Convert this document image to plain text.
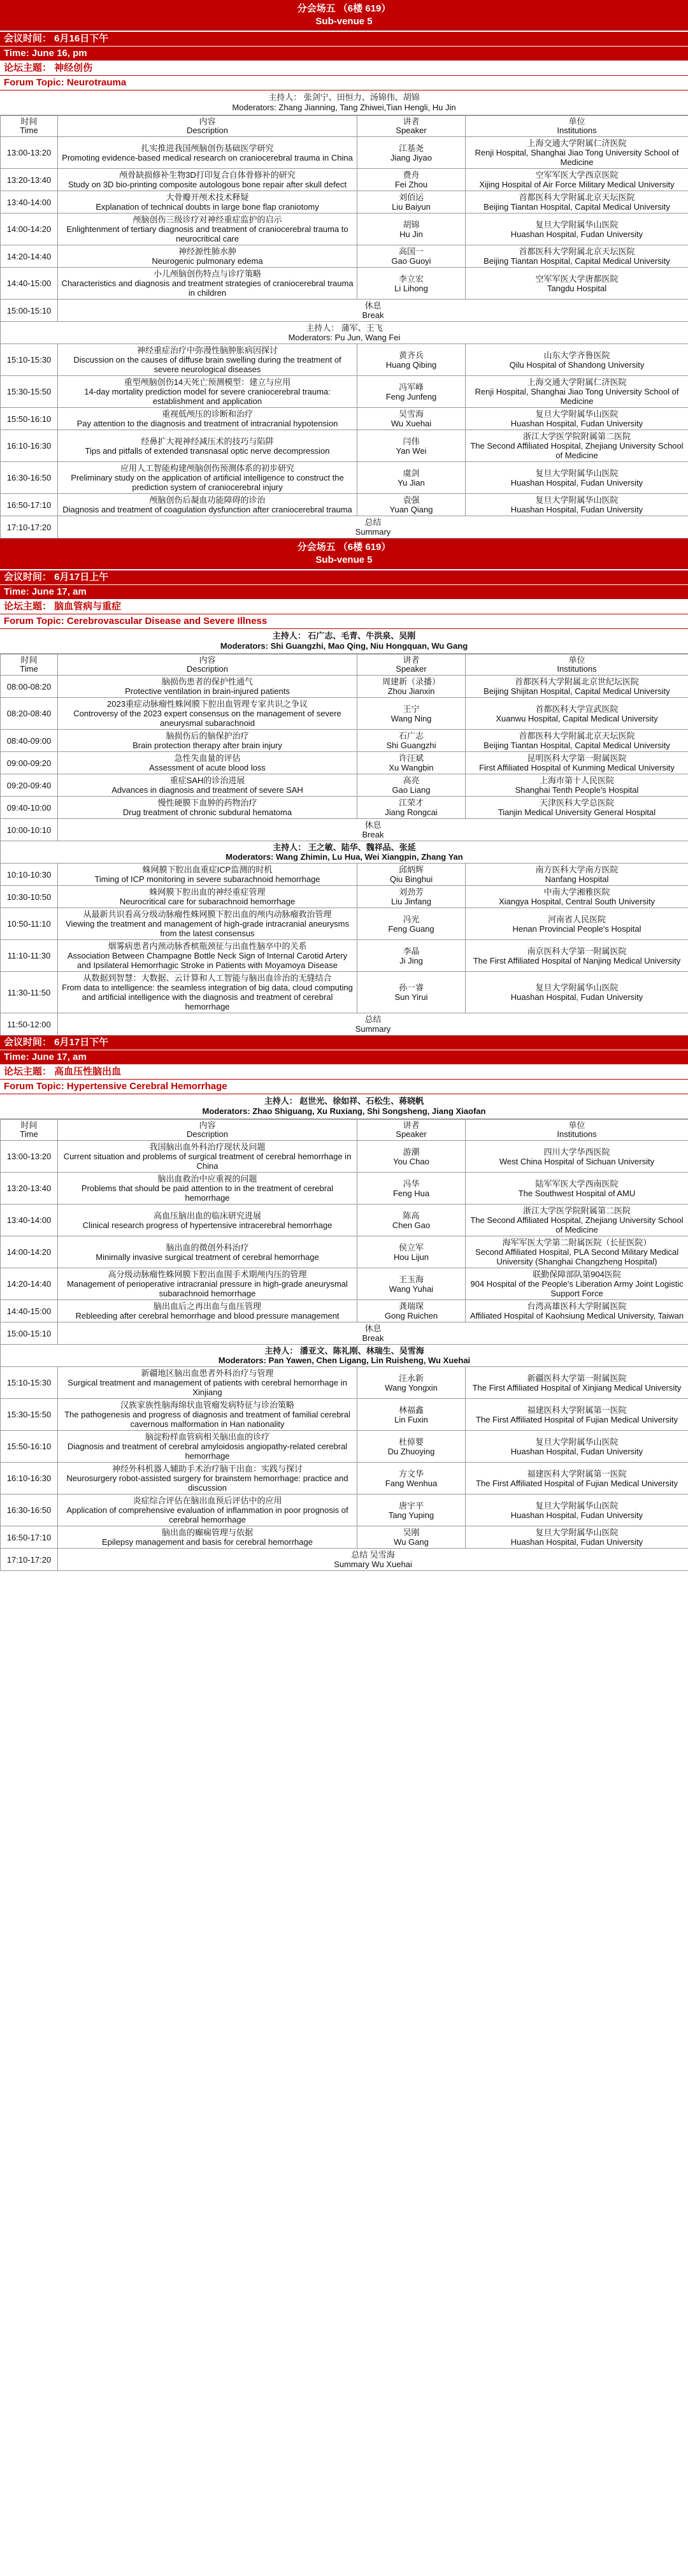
分会场五 （6楼 619）
Sub-venue 5
会议时间： 6月16日下午
Time: June 16, pm
论坛主题： 神经创伤
Forum Topic: Neurotrauma
主持人： 张剑宁、田恒力、汤锦伟、胡锦
Moderators: Zhang Jianning, Tang Zhiwei,Tian Hengli, Hu Jin
时间
Time	内容
Description	讲者
Speaker	单位
Institutions

13:00-13:20	扎实推进我国颅脑创伤基础医学研究
Promoting evidence-based medical research on craniocerebral trauma in China	江基尧
Jiang Jiyao	上海交通大学附属仁济医院
Renji Hospital, Shanghai Jiao Tong University School of Medicine

13:20-13:40	颅骨缺损修补生物3D打印复合自体骨修补的研究
Study on 3D bio-printing composite autologous bone repair after skull defect	费舟
Fei Zhou	空军军医大学西京医院
Xijing Hospital of Air Force Military Medical University

13:40-14:00	大骨瓣开颅术技术释疑
Explanation of technical doubts in large bone flap craniotomy	刘佰运
Liu Baiyun	首都医科大学附属北京天坛医院
Beijing Tiantan Hospital, Capital Medical University

14:00-14:20	颅脑创伤三级诊疗对神经重症监护的启示
Enlightenment of tertiary diagnosis and treatment of craniocerebral trauma to neurocritical care	胡锦
Hu Jin	复旦大学附属华山医院
Huashan Hospital, Fudan University

14:20-14:40	神经源性肺水肿
Neurogenic pulmonary edema	高国一
Gao Guoyi	首都医科大学附属北京天坛医院
Beijing Tiantan Hospital, Capital Medical University

14:40-15:00	小儿颅脑创伤特点与诊疗策略
Characteristics and diagnosis and treatment strategies of craniocerebral trauma in children	李立宏
Li Lihong	空军军医大学唐都医院
Tangdu Hospital

15:00-15:10	休息
Break		

主持人： 蒲军、王飞
Moderators: Pu Jun, Wang Fei			

15:10-15:30	神经重症治疗中弥漫性脑肿胀病因探讨
Discussion on the causes of diffuse brain swelling during the treatment of severe neurological diseases	黄齐兵
Huang Qibing	山东大学齐鲁医院
Qilu Hospital of Shandong University

15:30-15:50	重型颅脑创伤14天死亡预测模型：建立与应用
14-day mortality prediction model for severe craniocerebral trauma: establishment and application	冯军峰
Feng Junfeng	上海交通大学附属仁济医院
Renji Hospital, Shanghai Jiao Tong University School of Medicine

15:50-16:10	重视低颅压的诊断和治疗
Pay attention to the diagnosis and treatment of intracranial hypotension	吴雪海
Wu Xuehai	复旦大学附属华山医院
Huashan Hospital, Fudan University

16:10-16:30	经鼻扩大视神经减压术的技巧与陷阱
Tips and pitfalls of extended transnasal optic nerve decompression	闫伟
Yan Wei	浙江大学医学院附属第二医院
The Second Affiliated Hospital, Zhejiang University School of Medicine

16:30-16:50	应用人工智能构建颅脑创伤预测体系的初步研究
Preliminary study on the application of artificial intelligence to construct the prediction system of craniocerebral injury	虞剑
Yu Jian	复旦大学附属华山医院
Huashan Hospital, Fudan University

16:50-17:10	颅脑创伤后凝血功能障碍的诊治
Diagnosis and treatment of coagulation dysfunction after craniocerebral trauma	袁强
Yuan Qiang	复旦大学附属华山医院
Huashan Hospital, Fudan University

17:10-17:20	总结
Summary		
分会场五 （6楼 619）
Sub-venue 5
会议时间： 6月17日上午
Time: June 17, am
论坛主题： 脑血管病与重症
Forum Topic: Cerebrovascular Disease and Severe Illness
主持人： 石广志、毛青、牛洪泉、吴刚
Moderators: Shi Guangzhi, Mao Qing, Niu Hongquan, Wu Gang
时间
Time	内容
Description	讲者
Speaker	单位
Institutions

08:00-08:20	脑损伤患者的保护性通气
Protective ventilation in brain-injured patients	周建新（录播）
Zhou Jianxin	首都医科大学附属北京世纪坛医院
Beijing Shijitan Hospital, Capital Medical University

08:20-08:40	2023重症动脉瘤性蛛网膜下腔出血管理专家共识之争议
Controversy of the 2023 expert consensus on the management of severe aneurysmal subarachnoid	王宁
Wang Ning	首都医科大学宣武医院
Xuanwu Hospital, Capital Medical University

08:40-09:00	脑损伤后的脑保护治疗
Brain protection therapy after brain injury	石广志
Shi Guangzhi	首都医科大学附属北京天坛医院
Beijing Tiantan Hospital, Capital Medical University

09:00-09:20	急性失血量的评估
Assessment of acute blood loss	许汪斌
Xu Wangbin	昆明医科大学第一附属医院
First Affiliated Hospital of Kunming Medical University

09:20-09:40	重症SAH的诊治进展
Advances in diagnosis and treatment of severe SAH	高亮
Gao Liang	上海市第十人民医院
Shanghai Tenth People's Hospital

09:40-10:00	慢性硬膜下血肿的药物治疗
Drug treatment of chronic subdural hematoma	江荣才
Jiang Rongcai	天津医科大学总医院
Tianjin Medical University General Hospital

10:00-10:10	休息
Break		

主持人： 王之敏、陆华、魏祥品、张延
Moderators: Wang Zhimin, Lu Hua, Wei Xiangpin, Zhang Yan			

10:10-10:30	蛛网膜下腔出血重症ICP监测的时机
Timing of ICP monitoring in severe subarachnoid hemorrhage	邱炳辉
Qiu Binghui	南方医科大学南方医院
Nanfang Hospital

10:30-10:50	蛛网膜下腔出血的神经重症管理
Neurocritical care for subarachnoid hemorrhage	刘劲芳
Liu Jinfang	中南大学湘雅医院
Xiangya Hospital, Central South University

10:50-11:10	从最新共识看高分级动脉瘤性蛛网膜下腔出血的颅内动脉瘤救治管理
Viewing the treatment and management of high-grade intracranial aneurysms from the latest consensus	冯光
Feng Guang	河南省人民医院
Henan Provincial People's Hospital

11:10-11:30	烟雾病患者内颈动脉香槟瓶颈征与出血性脑卒中的关系
Association Between Champagne Bottle Neck Sign of Internal Carotid Artery and Ipsilateral Hemorrhagic Stroke in Patients with Moyamoya Disease	李晶
Ji Jing	南京医科大学第一附属医院
The First Affiliated Hospital of Nanjing Medical University

11:30-11:50	从数据到智慧：大数据、云计算和人工智能与脑出血诊治的无缝结合
From data to intelligence: the seamless integration of big data, cloud computing and artificial intelligence with the diagnosis and treatment of cerebral hemorrhage	孙一睿
Sun Yirui	复旦大学附属华山医院
Huashan Hospital, Fudan University

11:50-12:00	总结
Summary		
会议时间： 6月17日下午
Time: June 17, am
论坛主题： 高血压性脑出血
Forum Topic: Hypertensive Cerebral Hemorrhage
主持人： 赵世光、徐如祥、石松生、蒋晓帆
Moderators: Zhao Shiguang, Xu Ruxiang, Shi Songsheng, Jiang Xiaofan
时间
Time	内容
Description	讲者
Speaker	单位
Institutions

13:00-13:20	我国脑出血外科治疗现状及问题
Current situation and problems of surgical treatment of cerebral hemorrhage in China	游潮
You Chao	四川大学华西医院
West China Hospital of Sichuan University

13:20-13:40	脑出血救治中应重视的问题
Problems that should be paid attention to in the treatment of cerebral hemorrhage	冯华
Feng Hua	陆军军医大学西南医院
The Southwest Hospital of AMU

13:40-14:00	高血压脑出血的临床研究进展
Clinical research progress of hypertensive intracerebral hemorrhage	陈高
Chen Gao	浙江大学医学院附属第二医院
The Second Affiliated Hospital, Zhejiang University School of Medicine

14:00-14:20	脑出血的微创外科治疗
Minimally invasive surgical treatment of cerebral hemorrhage	侯立军
Hou Lijun	海军军医大学第二附属医院（长征医院）
Second Affiliated Hospital, PLA Second Military Medical University (Shanghai Changzheng Hospital)

14:20-14:40	高分级动脉瘤性蛛网膜下腔出血围手术期颅内压的管理
Management of perioperative intracranial pressure in high-grade aneurysmal subarachnoid hemorrhage	王玉海
Wang Yuhai	联勤保障部队第904医院
904 Hospital of the People's Liberation Army Joint Logistic Support Force

14:40-15:00	脑出血后之再出血与血压管理
Rebleeding after cerebral hemorrhage and blood pressure management	龚瑞琛
Gong Ruichen	台湾高雄医科大学附属医院
Affiliated Hospital of Kaohsiung Medical University, Taiwan

15:00-15:10	休息
Break		

主持人： 潘亚文、陈礼刚、林瑞生、吴雪海
Moderators: Pan Yawen, Chen Ligang, Lin Ruisheng, Wu Xuehai			

15:10-15:30	新疆地区脑出血患者外科治疗与管理
Surgical treatment and management of patients with cerebral hemorrhage in Xinjiang	汪永新
Wang Yongxin	新疆医科大学第一附属医院
The First Affiliated Hospital of Xinjiang Medical University

15:30-15:50	汉族家族性脑海绵状血管瘤发病特征与诊治策略
The pathogenesis and progress of diagnosis and treatment of familial cerebral cavernous malformation in Han nationality	林福鑫
Lin Fuxin	福建医科大学附属第一医院
The First Affiliated Hospital of Fujian Medical University

15:50-16:10	脑淀粉样血管病相关脑出血的诊疗
Diagnosis and treatment of cerebral amyloidosis angiopathy-related cerebral hemorrhage	杜倬婴
Du Zhuoying	复旦大学附属华山医院
Huashan Hospital, Fudan University

16:10-16:30	神经外科机器人辅助手术治疗脑干出血：实践与探讨
Neurosurgery robot-assisted surgery for brainstem hemorrhage: practice and discussion	方文华
Fang Wenhua	福建医科大学附属第一医院
The First Affiliated Hospital of Fujian Medical University

16:30-16:50	炎症综合评估在脑出血预后评估中的应用
Application of comprehensive evaluation of inflammation in poor prognosis of cerebral hemorrhage	唐宇平
Tang Yuping	复旦大学附属华山医院
Huashan Hospital, Fudan University

16:50-17:10	脑出血的癫痫管理与依据
Epilepsy management and basis for cerebral hemorrhage	吴刚
Wu Gang	复旦大学附属华山医院
Huashan Hospital, Fudan University

17:10-17:20	总结 吴雪海
Summary Wu Xuehai		
